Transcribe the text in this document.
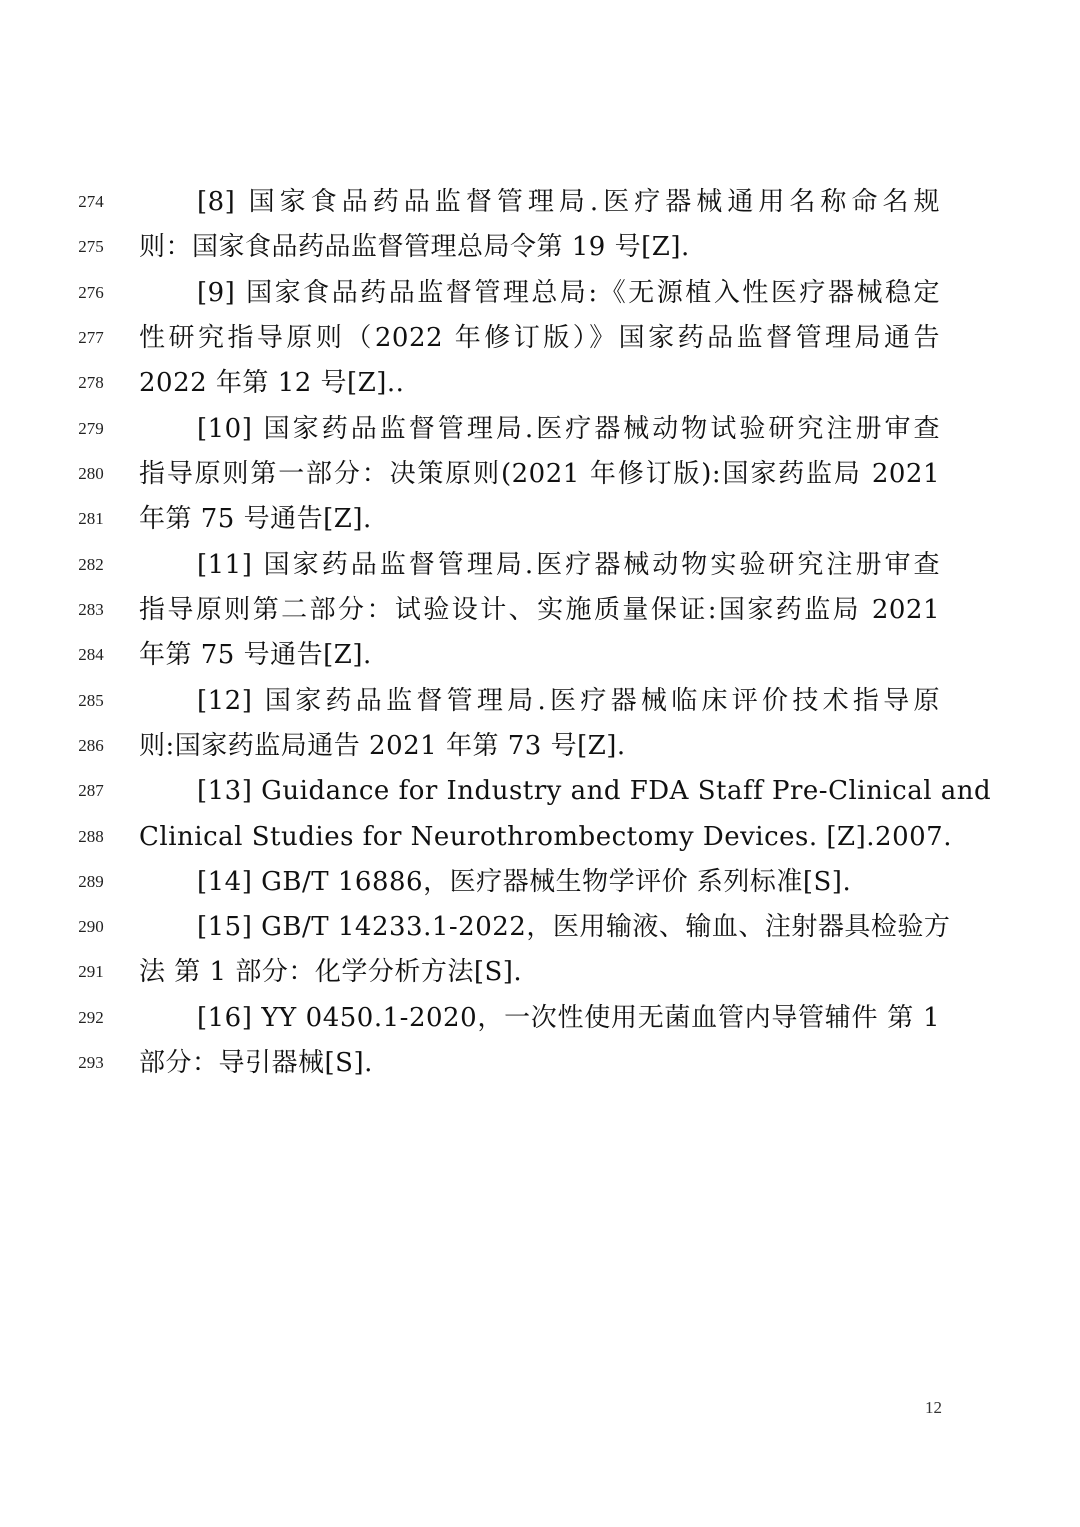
274	[8] 国家食品药品监督管理局.医疗器械通用名称命名规
275	则：国家食品药品监督管理总局令第 19 号[Z].
276	[9] 国家食品药品监督管理总局:《无源植入性医疗器械稳定
277	性研究指导原则（2022 年修订版）》国家药品监督管理局通告
278	2022 年第 12 号[Z]..
279	[10] 国家药品监督管理局.医疗器械动物试验研究注册审查
280	指导原则第一部分：决策原则(2021 年修订版):国家药监局 2021
281	年第 75 号通告[Z].
282	[11] 国家药品监督管理局.医疗器械动物实验研究注册审查
283	指导原则第二部分：试验设计、实施质量保证:国家药监局 2021
284	年第 75 号通告[Z].
285	[12] 国家药品监督管理局.医疗器械临床评价技术指导原
286	则:国家药监局通告 2021 年第 73 号[Z].
287	[13] Guidance for Industry and FDA Staff Pre-Clinical and
288	Clinical Studies for Neurothrombectomy Devices. [Z].2007.
289	[14] GB/T 16886，医疗器械生物学评价 系列标准[S].
290	[15] GB/T 14233.1-2022，医用输液、输血、注射器具检验方
291	法 第 1 部分：化学分析方法[S].
292	[16] YY 0450.1-2020，一次性使用无菌血管内导管辅件 第 1
293	部分：导引器械[S].
12
